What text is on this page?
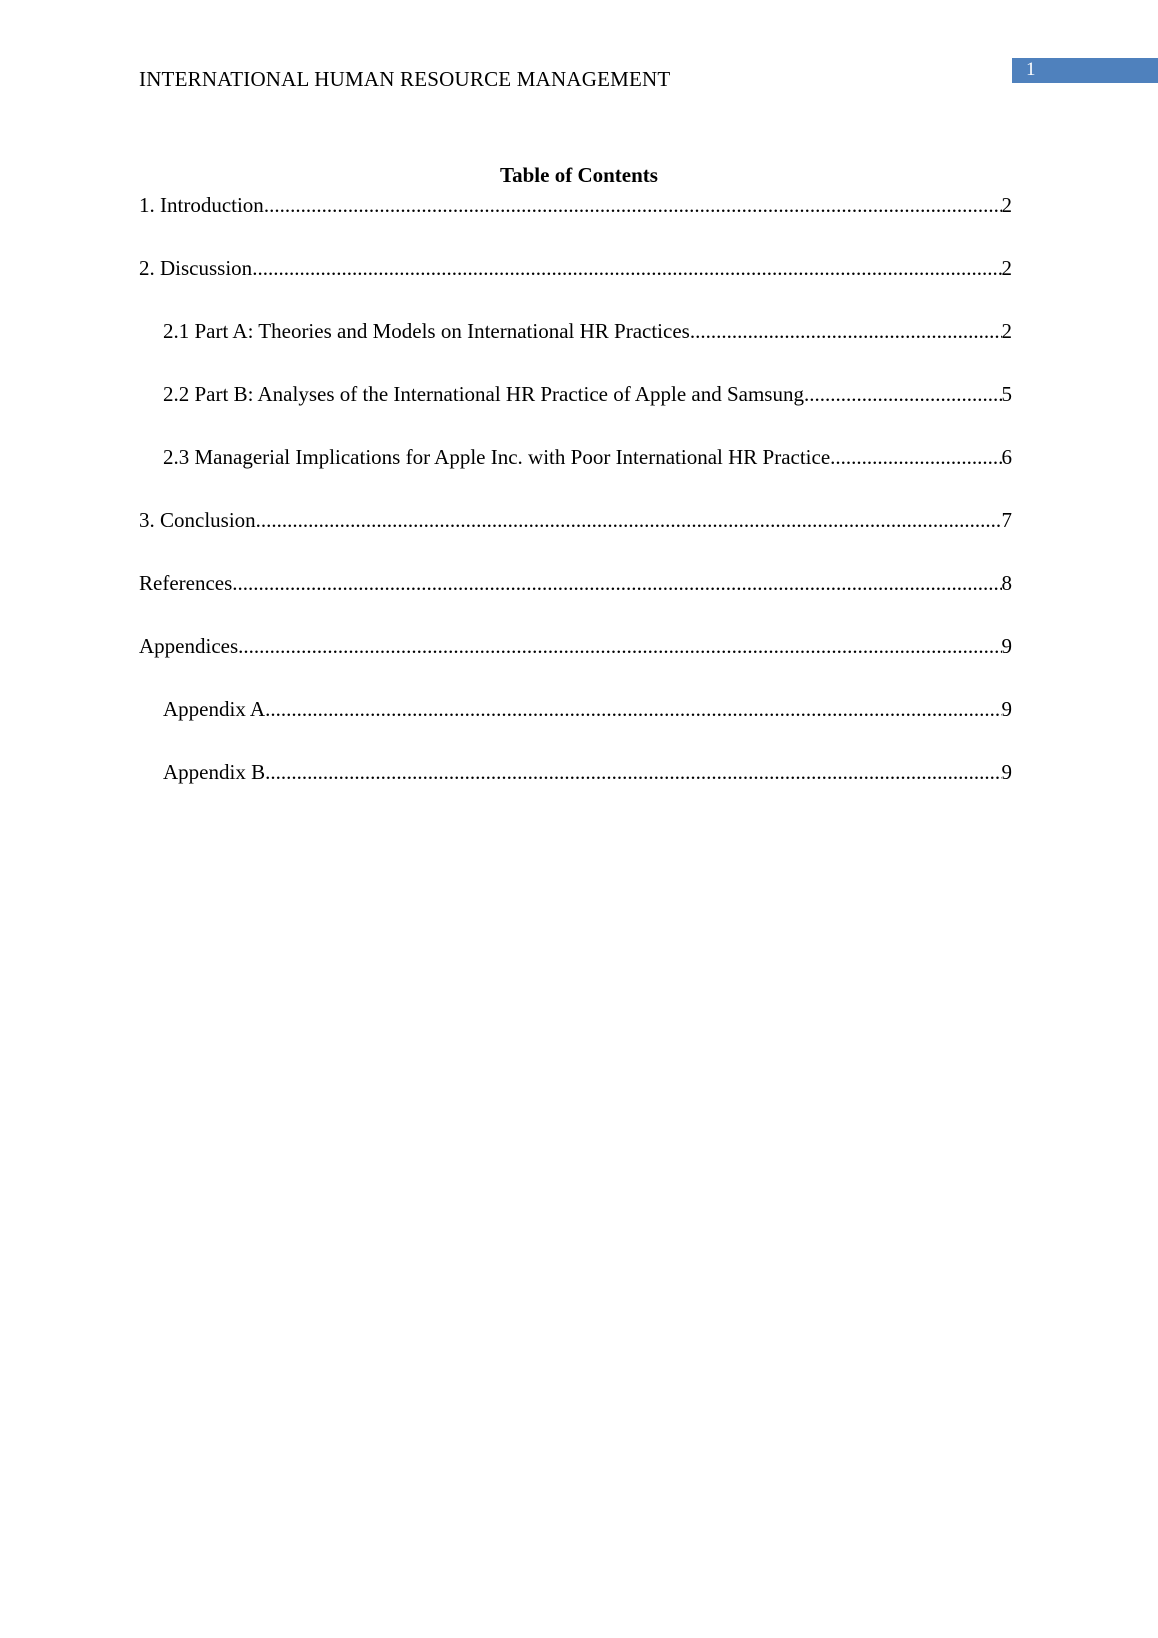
INTERNATIONAL HUMAN RESOURCE MANAGEMENT	1
Table of Contents
1. Introduction .....	2
2. Discussion .....	2
2.1 Part A: Theories and Models on International HR Practices .....	2
2.2 Part B: Analyses of the International HR Practice of Apple and Samsung .....	5
2.3 Managerial Implications for Apple Inc. with Poor International HR Practice .....	6
3. Conclusion .....	7
References .....	8
Appendices .....	9
Appendix A .....	9
Appendix B .....	9
